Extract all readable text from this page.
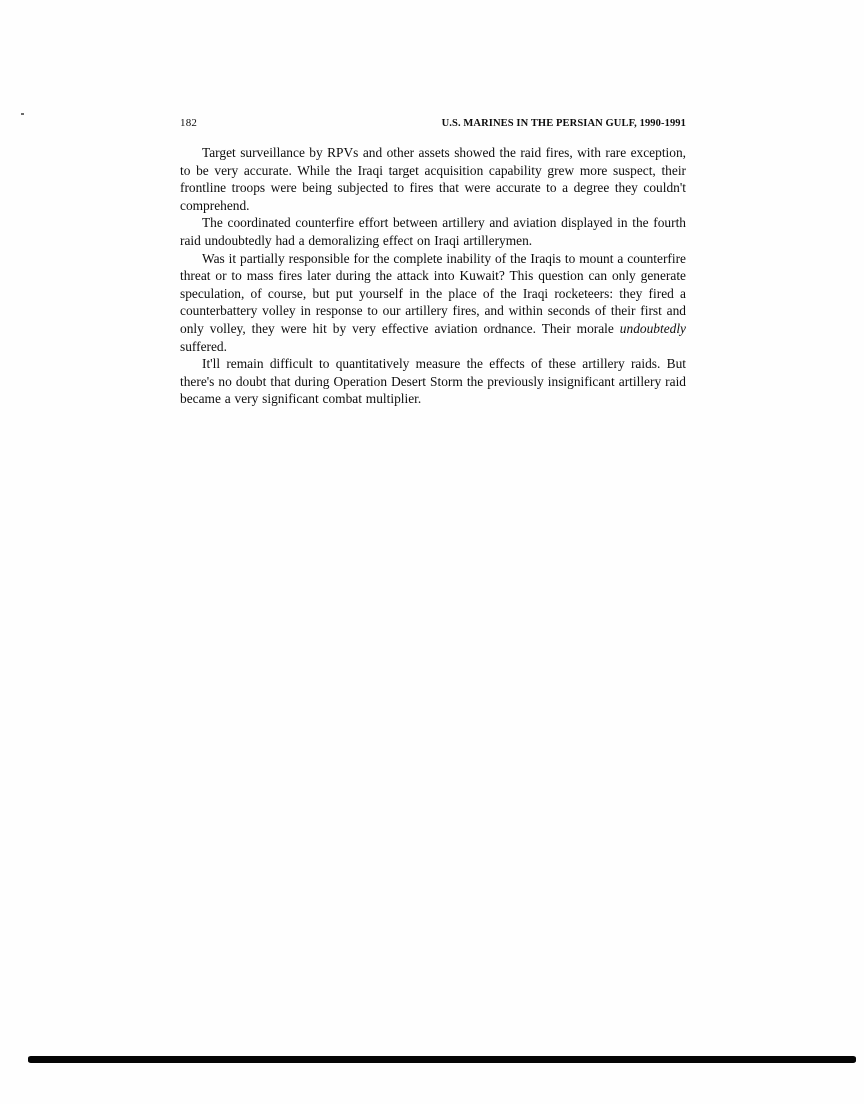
182	U.S. MARINES IN THE PERSIAN GULF, 1990-1991

Target surveillance by RPVs and other assets showed the raid fires, with rare exception, to be very accurate. While the Iraqi target acquisition capability grew more suspect, their frontline troops were being subjected to fires that were accurate to a degree they couldn't comprehend.

The coordinated counterfire effort between artillery and aviation displayed in the fourth raid undoubtedly had a demoralizing effect on Iraqi artillerymen.

Was it partially responsible for the complete inability of the Iraqis to mount a counterfire threat or to mass fires later during the attack into Kuwait? This question can only generate speculation, of course, but put yourself in the place of the Iraqi rocketeers: they fired a counterbattery volley in response to our artillery fires, and within seconds of their first and only volley, they were hit by very effective aviation ordnance. Their morale undoubtedly suffered.

It'll remain difficult to quantitatively measure the effects of these artillery raids. But there's no doubt that during Operation Desert Storm the previously insignificant artillery raid became a very significant combat multiplier.
